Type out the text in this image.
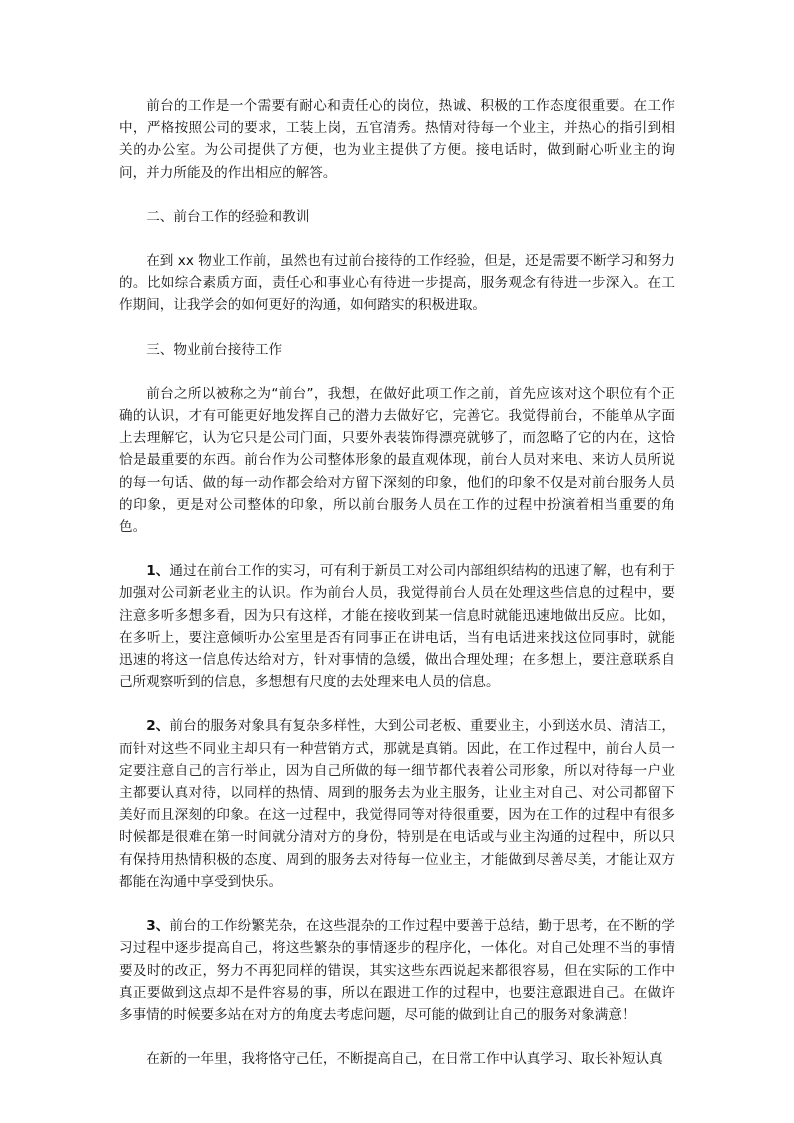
前台的工作是一个需要有耐心和责任心的岗位，热诚、积极的工作态度很重要。在工作中，严格按照公司的要求，工装上岗，五官清秀。热情对待每一个业主，并热心的指引到相关的办公室。为公司提供了方便，也为业主提供了方便。接电话时，做到耐心听业主的询问，并力所能及的作出相应的解答。

二、前台工作的经验和教训

在到 xx 物业工作前，虽然也有过前台接待的工作经验，但是，还是需要不断学习和努力的。比如综合素质方面，责任心和事业心有待进一步提高，服务观念有待进一步深入。在工作期间，让我学会的如何更好的沟通，如何踏实的积极进取。

三、物业前台接待工作

前台之所以被称之为“前台”，我想，在做好此项工作之前，首先应该对这个职位有个正确的认识，才有可能更好地发挥自己的潜力去做好它，完善它。我觉得前台，不能单从字面上去理解它，认为它只是公司门面，只要外表装饰得漂亮就够了，而忽略了它的内在，这恰恰是最重要的东西。前台作为公司整体形象的最直观体现，前台人员对来电、来访人员所说的每一句话、做的每一动作都会给对方留下深刻的印象，他们的印象不仅是对前台服务人员的印象，更是对公司整体的印象，所以前台服务人员在工作的过程中扮演着相当重要的角色。

1、通过在前台工作的实习，可有利于新员工对公司内部组织结构的迅速了解，也有利于加强对公司新老业主的认识。作为前台人员，我觉得前台人员在处理这些信息的过程中，要注意多听多想多看，因为只有这样，才能在接收到某一信息时就能迅速地做出反应。比如，在多听上，要注意倾听办公室里是否有同事正在讲电话，当有电话进来找这位同事时，就能迅速的将这一信息传达给对方，针对事情的急缓，做出合理处理；在多想上，要注意联系自己所观察听到的信息，多想想有尺度的去处理来电人员的信息。

2、前台的服务对象具有复杂多样性，大到公司老板、重要业主，小到送水员、清洁工，而针对这些不同业主却只有一种营销方式，那就是真销。因此，在工作过程中，前台人员一定要注意自己的言行举止，因为自己所做的每一细节都代表着公司形象，所以对待每一户业主都要认真对待，以同样的热情、周到的服务去为业主服务，让业主对自己、对公司都留下美好而且深刻的印象。在这一过程中，我觉得同等对待很重要，因为在工作的过程中有很多时候都是很难在第一时间就分清对方的身份，特别是在电话或与业主沟通的过程中，所以只有保持用热情积极的态度、周到的服务去对待每一位业主，才能做到尽善尽美，才能让双方都能在沟通中享受到快乐。

3、前台的工作纷繁芜杂，在这些混杂的工作过程中要善于总结，勤于思考，在不断的学习过程中逐步提高自己，将这些繁杂的事情逐步的程序化，一体化。对自己处理不当的事情要及时的改正，努力不再犯同样的错误，其实这些东西说起来都很容易，但在实际的工作中真正要做到这点却不是件容易的事，所以在跟进工作的过程中，也要注意跟进自己。在做许多事情的时候要多站在对方的角度去考虑问题，尽可能的做到让自己的服务对象满意！

在新的一年里，我将恪守己任，不断提高自己，在日常工作中认真学习、取长补短认真
